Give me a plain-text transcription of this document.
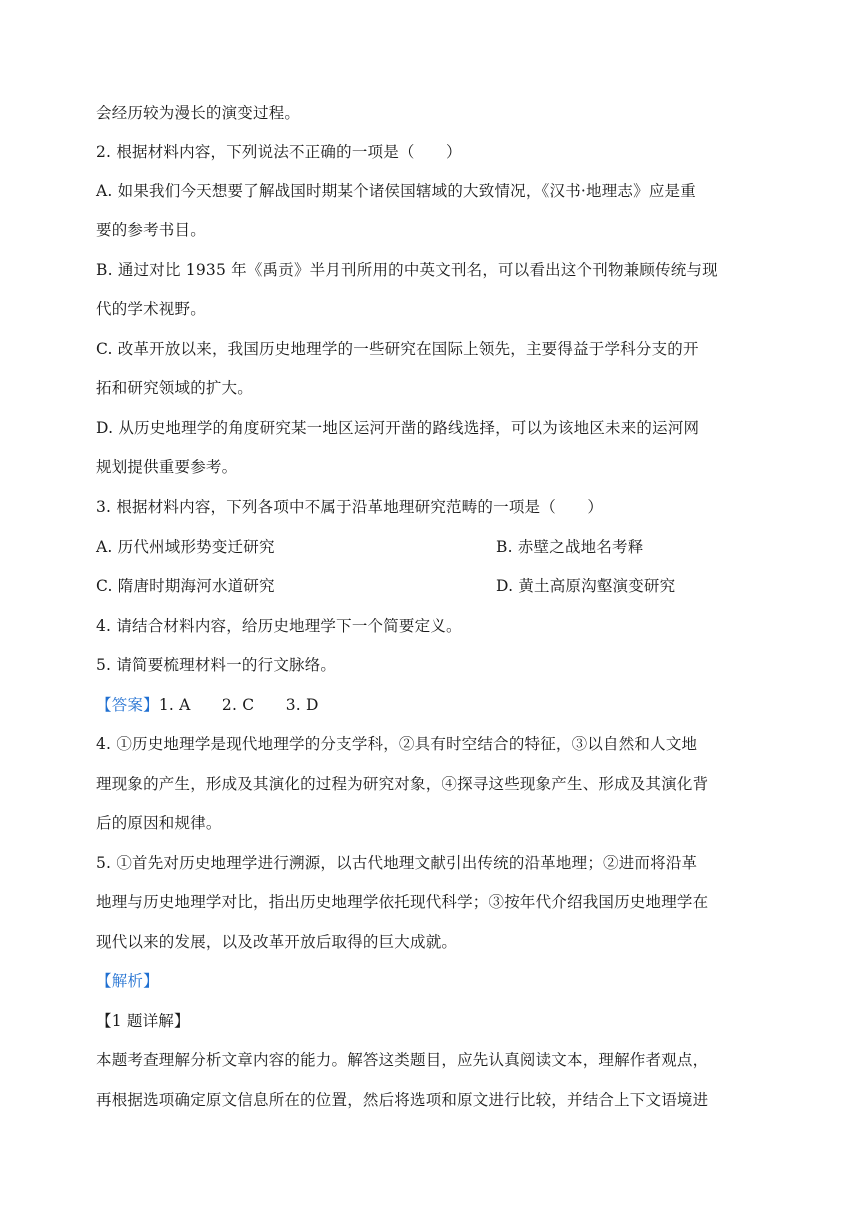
会经历较为漫长的演变过程。
2. 根据材料内容，下列说法不正确的一项是（　　）
A. 如果我们今天想要了解战国时期某个诸侯国辖域的大致情况，《汉书·地理志》应是重
要的参考书目。
B. 通过对比 1935 年《禹贡》半月刊所用的中英文刊名，可以看出这个刊物兼顾传统与现
代的学术视野。
C. 改革开放以来，我国历史地理学的一些研究在国际上领先，主要得益于学科分支的开
拓和研究领域的扩大。
D. 从历史地理学的角度研究某一地区运河开凿的路线选择，可以为该地区未来的运河网
规划提供重要参考。
3. 根据材料内容，下列各项中不属于沿革地理研究范畴的一项是（　　）
A. 历代州域形势变迁研究	B. 赤壁之战地名考释
C. 隋唐时期海河水道研究	D. 黄土高原沟壑演变研究
4. 请结合材料内容，给历史地理学下一个简要定义。
5. 请简要梳理材料一的行文脉络。
【答案】1. A　　2. C　　3. D
4. ①历史地理学是现代地理学的分支学科，②具有时空结合的特征，③以自然和人文地
理现象的产生，形成及其演化的过程为研究对象，④探寻这些现象产生、形成及其演化背
后的原因和规律。
5. ①首先对历史地理学进行溯源，以古代地理文献引出传统的沿革地理；②进而将沿革
地理与历史地理学对比，指出历史地理学依托现代科学；③按年代介绍我国历史地理学在
现代以来的发展，以及改革开放后取得的巨大成就。
【解析】
【1 题详解】
本题考查理解分析文章内容的能力。解答这类题目，应先认真阅读文本，理解作者观点，
再根据选项确定原文信息所在的位置，然后将选项和原文进行比较，并结合上下文语境进
